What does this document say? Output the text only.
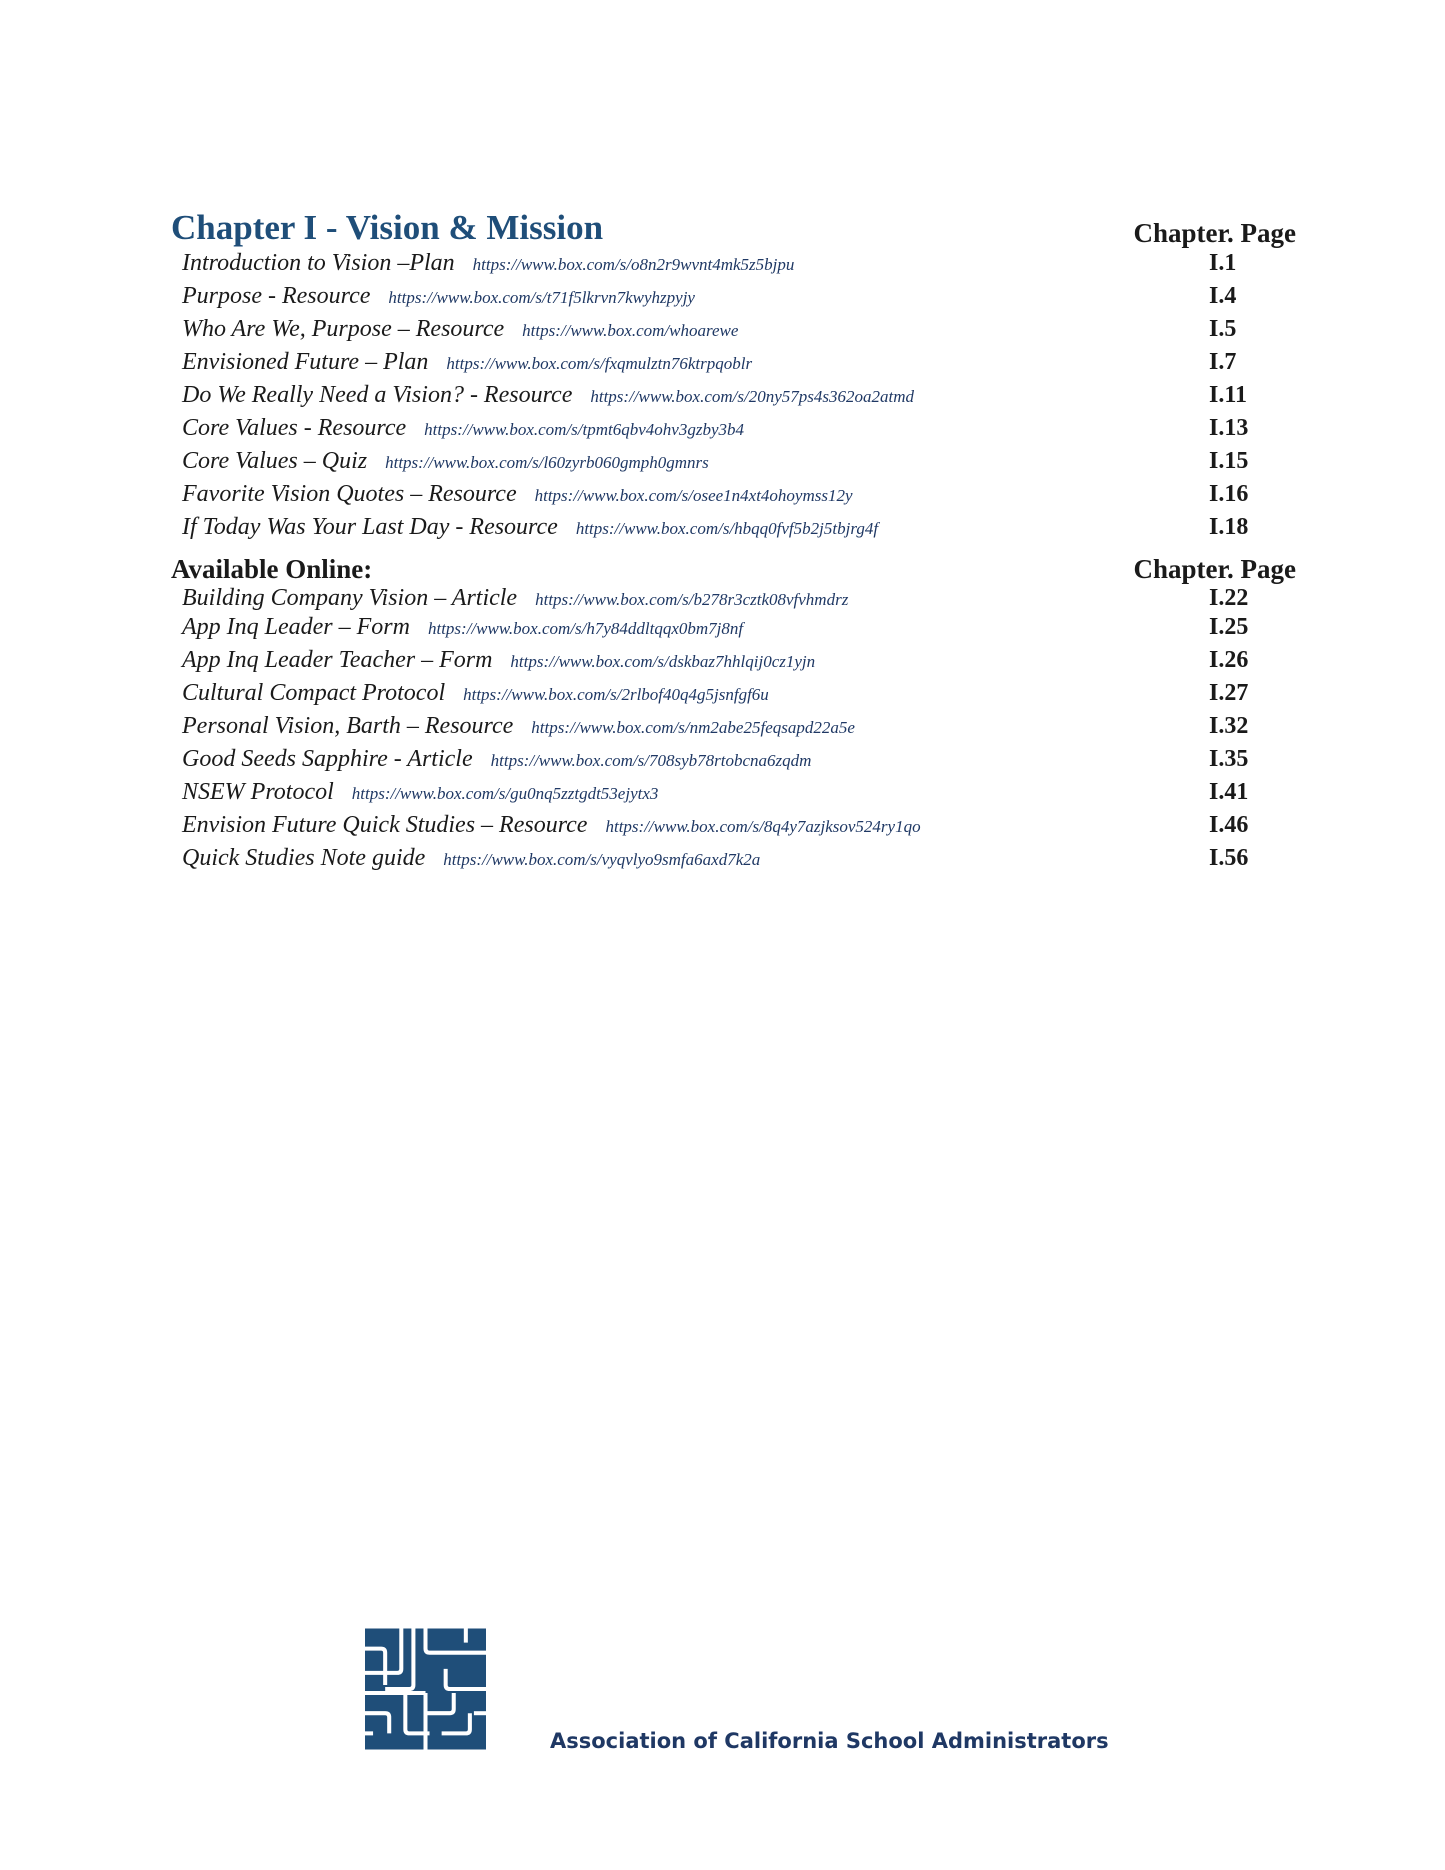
Chapter I - Vision & Mission	Chapter. Page
Introduction to Vision –Plan https://www.box.com/s/o8n2r9wvnt4mk5z5bjpu	I.1
Purpose - Resource https://www.box.com/s/t71f5lkrvn7kwyhzpyjy	I.4
Who Are We, Purpose – Resource https://www.box.com/whoarewe	I.5
Envisioned Future – Plan https://www.box.com/s/fxqmulztn76ktrpqoblr	I.7
Do We Really Need a Vision? - Resource https://www.box.com/s/20ny57ps4s362oa2atmd	I.11
Core Values - Resource https://www.box.com/s/tpmt6qbv4ohv3gzby3b4	I.13
Core Values – Quiz https://www.box.com/s/l60zyrb060gmph0gmnrs	I.15
Favorite Vision Quotes – Resource https://www.box.com/s/osee1n4xt4ohoymss12y	I.16
If Today Was Your Last Day - Resource https://www.box.com/s/hbqq0fvf5b2j5tbjrg4f	I.18
Available Online:	Chapter. Page
Building Company Vision – Article https://www.box.com/s/b278r3cztk08vfvhmdrz	I.22
App Inq Leader – Form https://www.box.com/s/h7y84ddltqqx0bm7j8nf	I.25
App Inq Leader Teacher – Form https://www.box.com/s/dskbaz7hhlqij0cz1yjn	I.26
Cultural Compact Protocol https://www.box.com/s/2rlbof40q4g5jsnfgf6u	I.27
Personal Vision, Barth – Resource https://www.box.com/s/nm2abe25feqsapd22a5e	I.32
Good Seeds Sapphire - Article https://www.box.com/s/708syb78rtobcna6zqdm	I.35
NSEW Protocol https://www.box.com/s/gu0nq5zztgdt53ejytx3	I.41
Envision Future Quick Studies – Resource https://www.box.com/s/8q4y7azjksov524ry1qo	I.46
Quick Studies Note guide https://www.box.com/s/vyqvlyo9smfa6axd7k2a	I.56
Association of California School Administrators
